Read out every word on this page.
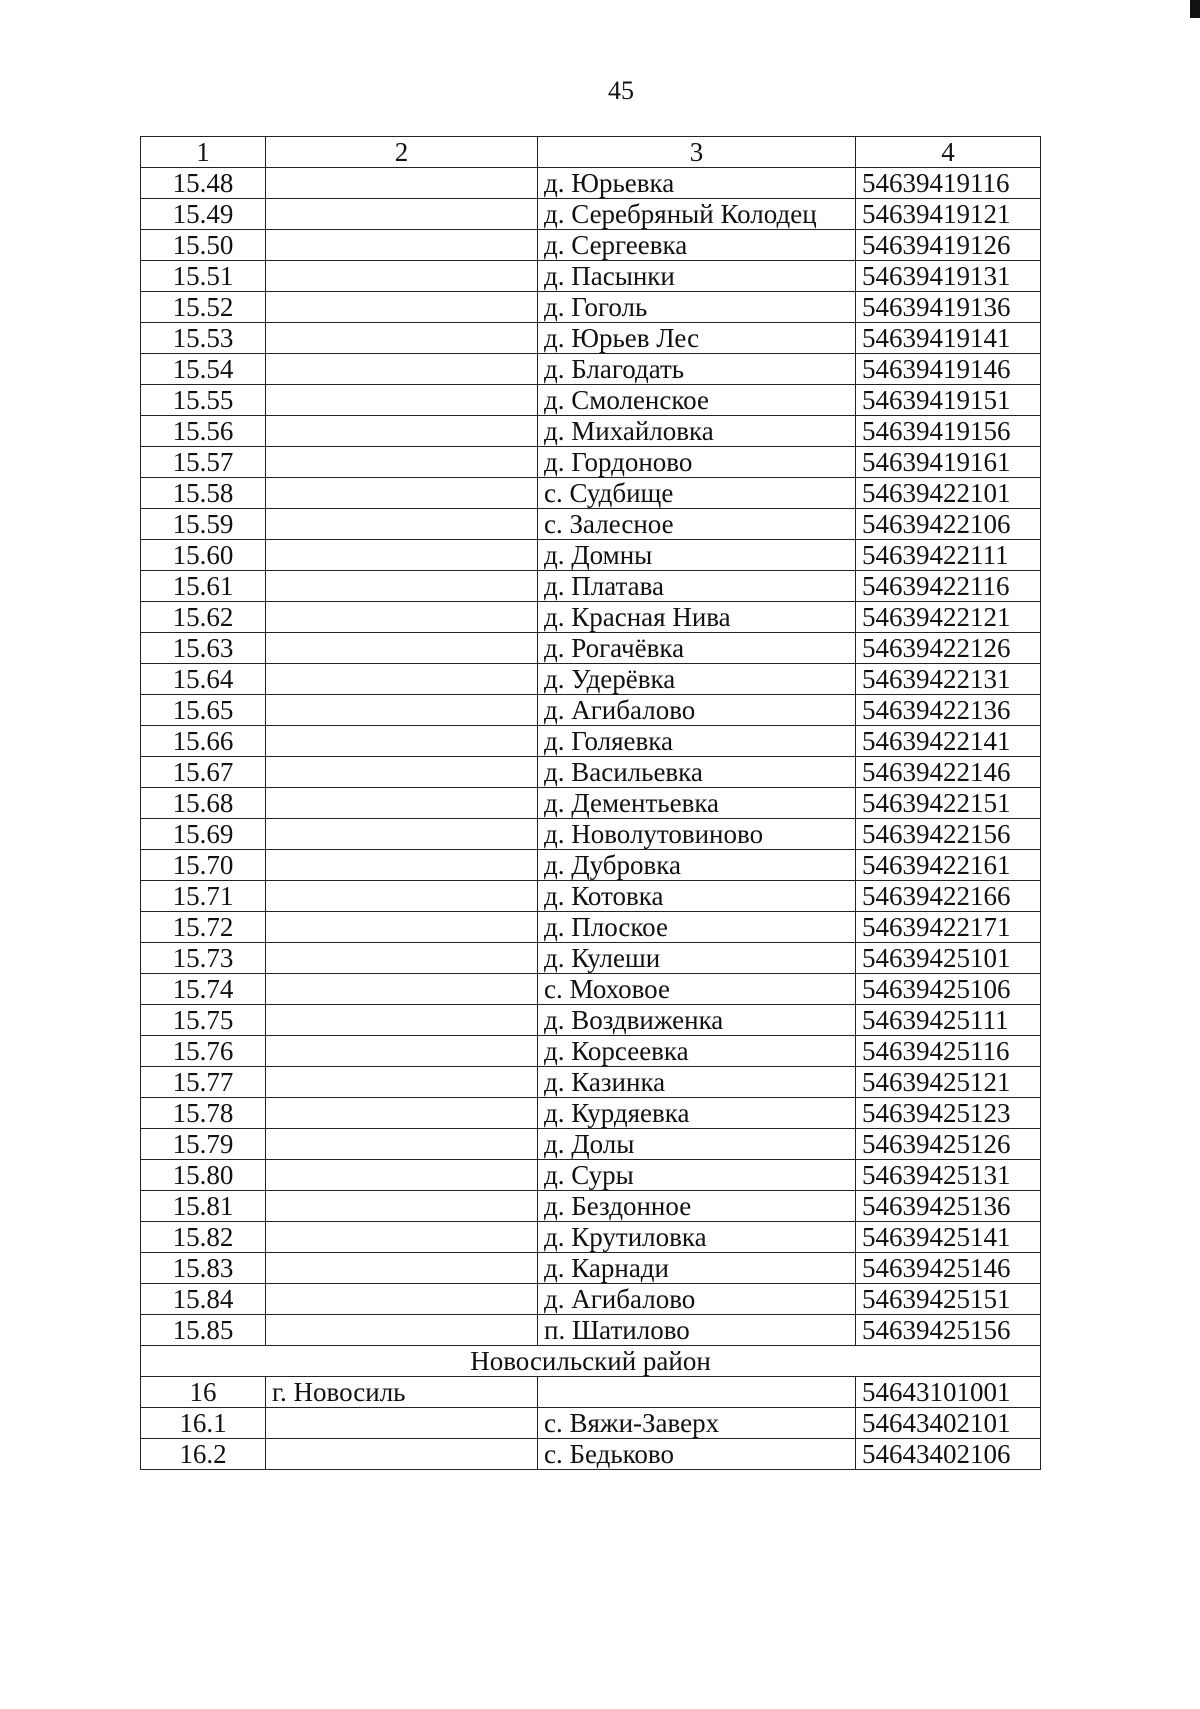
45
1	2	3	4
15.48		д. Юрьевка	54639419116
15.49		д. Серебряный Колодец	54639419121
15.50		д. Сергеевка	54639419126
15.51		д. Пасынки	54639419131
15.52		д. Гоголь	54639419136
15.53		д. Юрьев Лес	54639419141
15.54		д. Благодать	54639419146
15.55		д. Смоленское	54639419151
15.56		д. Михайловка	54639419156
15.57		д. Гордоново	54639419161
15.58		с. Судбище	54639422101
15.59		с. Залесное	54639422106
15.60		д. Домны	54639422111
15.61		д. Платава	54639422116
15.62		д. Красная Нива	54639422121
15.63		д. Рогачёвка	54639422126
15.64		д. Удерёвка	54639422131
15.65		д. Агибалово	54639422136
15.66		д. Голяевка	54639422141
15.67		д. Васильевка	54639422146
15.68		д. Дементьевка	54639422151
15.69		д. Новолутовиново	54639422156
15.70		д. Дубровка	54639422161
15.71		д. Котовка	54639422166
15.72		д. Плоское	54639422171
15.73		д. Кулеши	54639425101
15.74		с. Моховое	54639425106
15.75		д. Воздвиженка	54639425111
15.76		д. Корсеевка	54639425116
15.77		д. Казинка	54639425121
15.78		д. Курдяевка	54639425123
15.79		д. Долы	54639425126
15.80		д. Суры	54639425131
15.81		д. Бездонное	54639425136
15.82		д. Крутиловка	54639425141
15.83		д. Карнади	54639425146
15.84		д. Агибалово	54639425151
15.85		п. Шатилово	54639425156
Новосильский район			
16	г. Новосиль		54643101001
16.1		с. Вяжи-Заверх	54643402101
16.2		с. Бедьково	54643402106
